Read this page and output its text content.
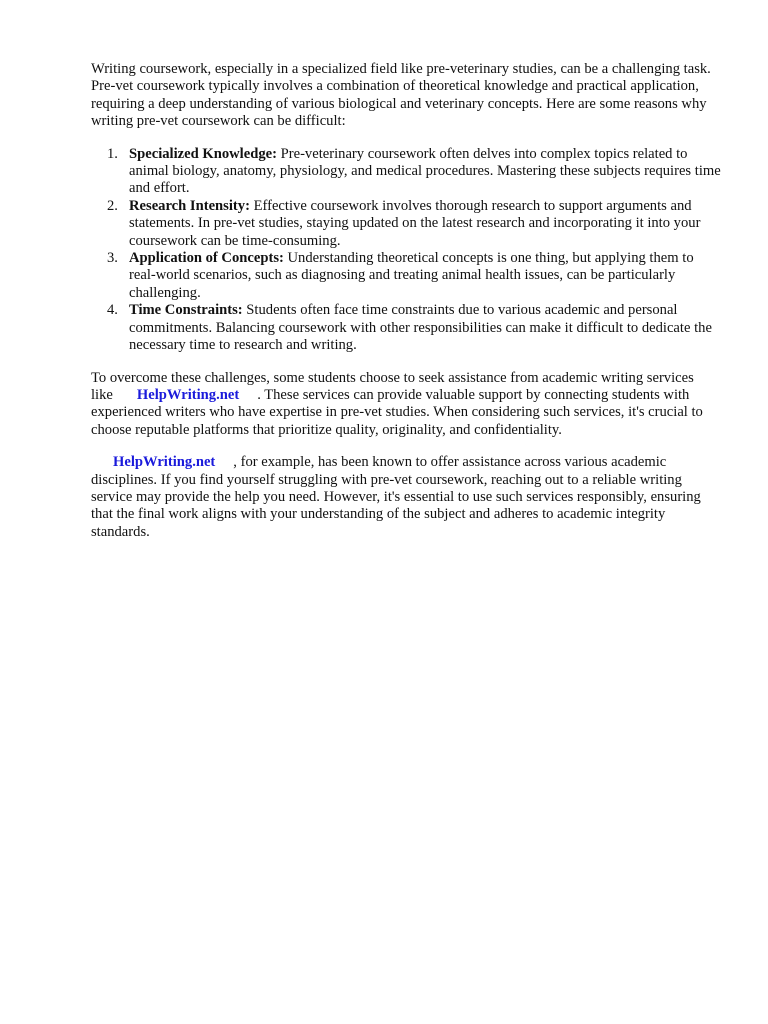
Writing coursework, especially in a specialized field like pre-veterinary studies, can be a challenging task. Pre-vet coursework typically involves a combination of theoretical knowledge and practical application, requiring a deep understanding of various biological and veterinary concepts. Here are some reasons why writing pre-vet coursework can be difficult:

1. Specialized Knowledge: Pre-veterinary coursework often delves into complex topics related to animal biology, anatomy, physiology, and medical procedures. Mastering these subjects requires time and effort.
2. Research Intensity: Effective coursework involves thorough research to support arguments and statements. In pre-vet studies, staying updated on the latest research and incorporating it into your coursework can be time-consuming.
3. Application of Concepts: Understanding theoretical concepts is one thing, but applying them to real-world scenarios, such as diagnosing and treating animal health issues, can be particularly challenging.
4. Time Constraints: Students often face time constraints due to various academic and personal commitments. Balancing coursework with other responsibilities can make it difficult to dedicate the necessary time to research and writing.

To overcome these challenges, some students choose to seek assistance from academic writing services like HelpWriting.net . These services can provide valuable support by connecting students with experienced writers who have expertise in pre-vet studies. When considering such services, it's crucial to choose reputable platforms that prioritize quality, originality, and confidentiality.

HelpWriting.net , for example, has been known to offer assistance across various academic disciplines. If you find yourself struggling with pre-vet coursework, reaching out to a reliable writing service may provide the help you need. However, it's essential to use such services responsibly, ensuring that the final work aligns with your understanding of the subject and adheres to academic integrity standards.
